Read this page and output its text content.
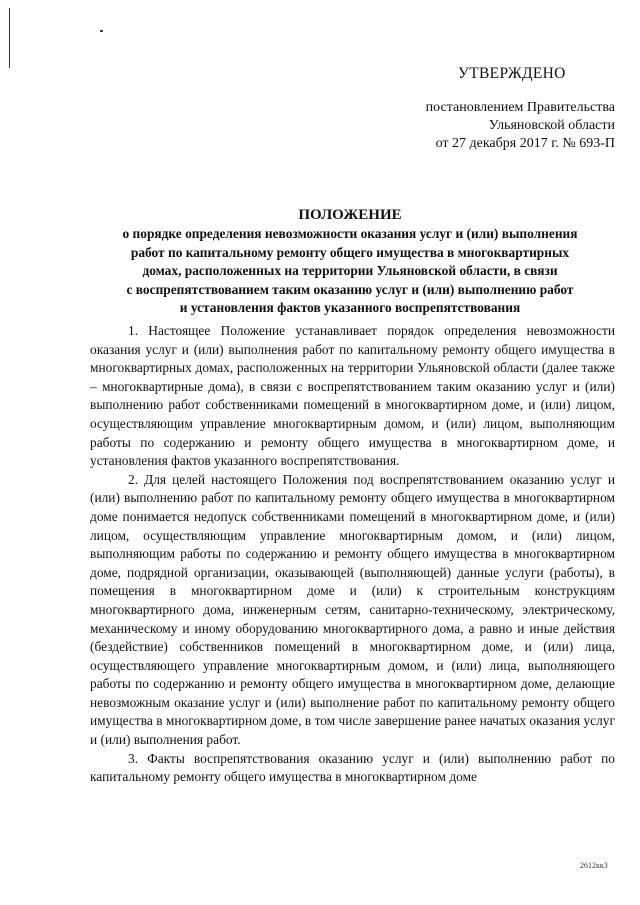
УТВЕРЖДЕНО
постановлением Правительства
Ульяновской области
от 27 декабря 2017 г. № 693-П
ПОЛОЖЕНИЕ
о порядке определения невозможности оказания услуг и (или) выполнения
работ по капитальному ремонту общего имущества в многоквартирных
домах, расположенных на территории Ульяновской области, в связи
с воспрепятствованием таким оказанию услуг и (или) выполнению работ
и установления фактов указанного воспрепятствования

1. Настоящее Положение устанавливает порядок определения невозможности оказания услуг и (или) выполнения работ по капитальному ремонту общего имущества в многоквартирных домах, расположенных на территории Ульяновской области (далее также – многоквартирные дома), в связи с воспрепятствованием таким оказанию услуг и (или) выполнению работ собственниками помещений в многоквартирном доме, и (или) лицом, осуществляющим управление многоквартирным домом, и (или) лицом, выполняющим работы по содержанию и ремонту общего имущества в многоквартирном доме, и установления фактов указанного воспрепятствования.

2. Для целей настоящего Положения под воспрепятствованием оказанию услуг и (или) выполнению работ по капитальному ремонту общего имущества в многоквартирном доме понимается недопуск собственниками помещений в многоквартирном доме, и (или) лицом, осуществляющим управление многоквартирным домом, и (или) лицом, выполняющим работы по содержанию и ремонту общего имущества в многоквартирном доме, подрядной организации, оказывающей (выполняющей) данные услуги (работы), в помещения в многоквартирном доме и (или) к строительным конструкциям многоквартирного дома, инженерным сетям, санитарно-техническому, электрическому, механическому и иному оборудованию многоквартирного дома, а равно и иные действия (бездействие) собственников помещений в многоквартирном доме, и (или) лица, осуществляющего управление многоквартирным домом, и (или) лица, выполняющего работы по содержанию и ремонту общего имущества в многоквартирном доме, делающие невозможным оказание услуг и (или) выполнение работ по капитальному ремонту общего имущества в многоквартирном доме, в том числе завершение ранее начатых оказания услуг и (или) выполнения работ.

3. Факты воспрепятствования оказанию услуг и (или) выполнению работ по капитальному ремонту общего имущества в многоквартирном доме

2612кк3
